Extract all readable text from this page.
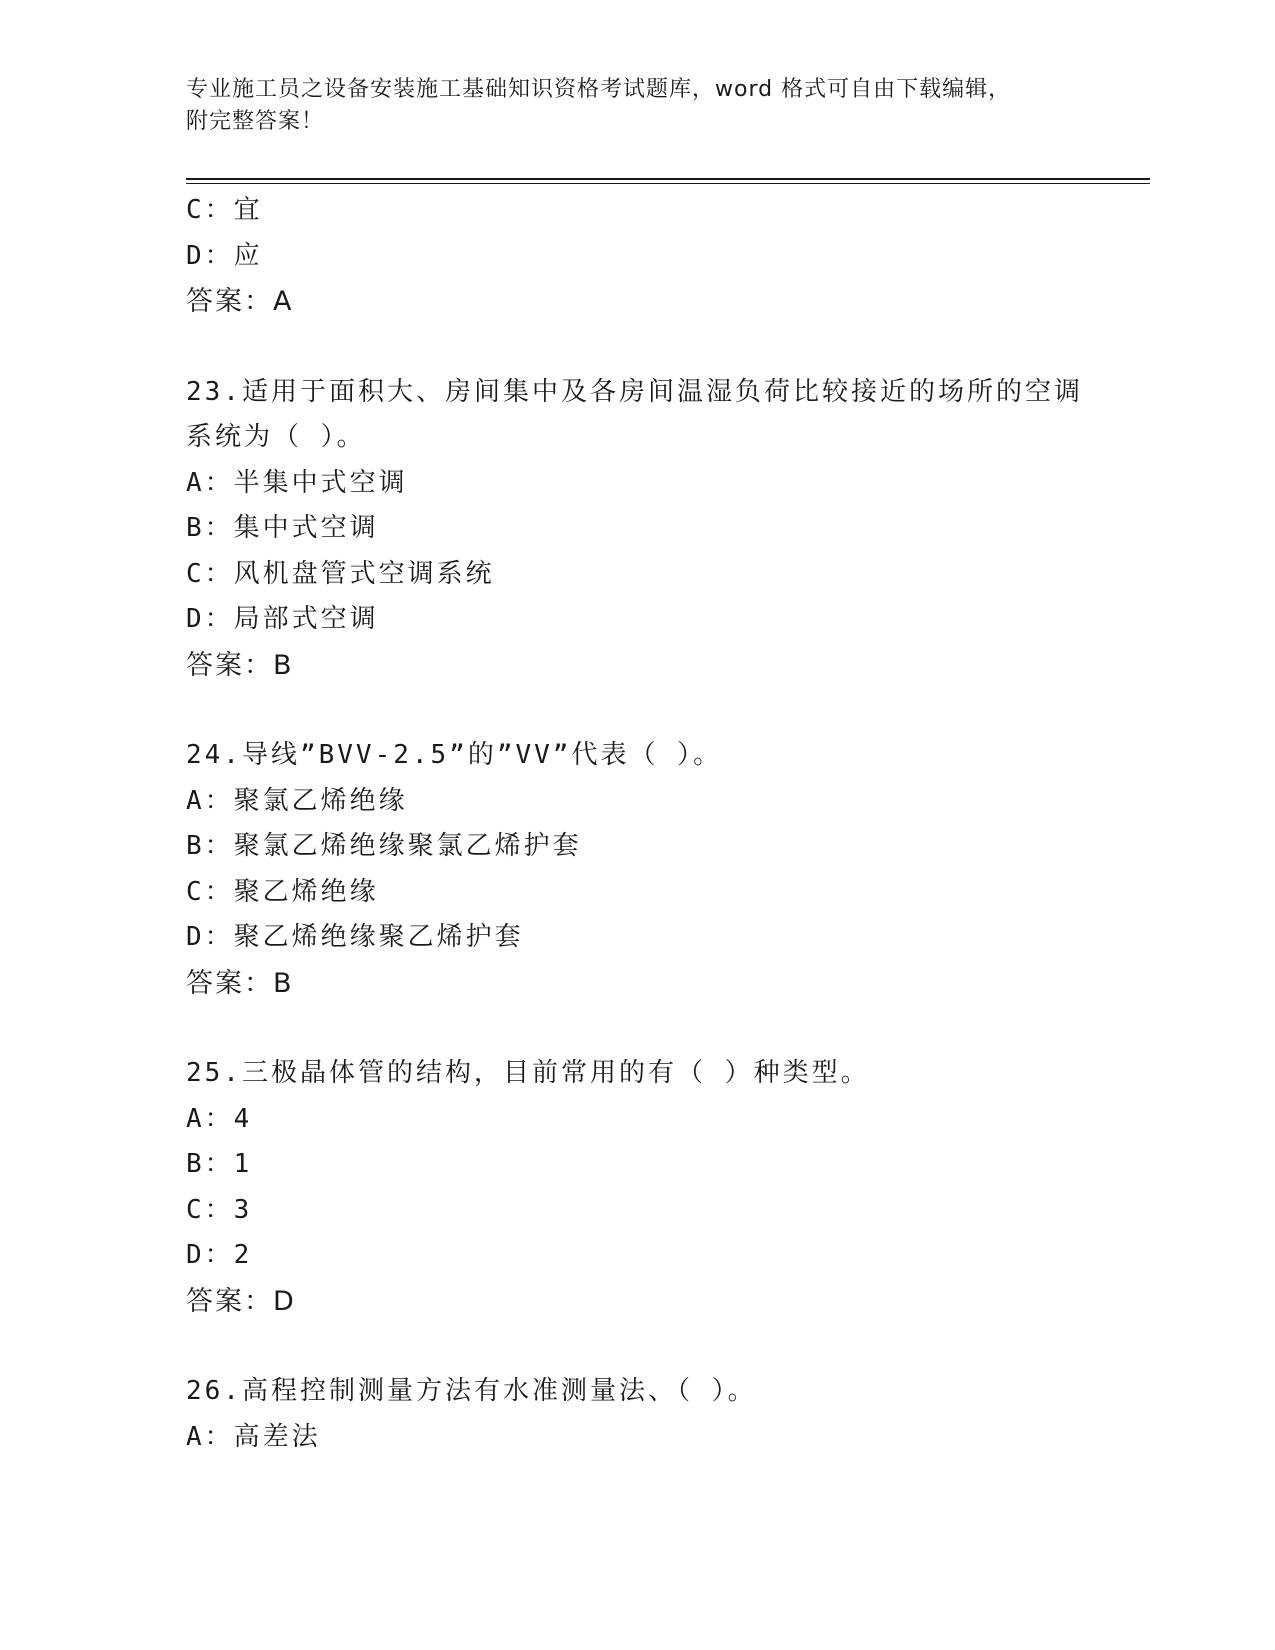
专业施工员之设备安装施工基础知识资格考试题库，word 格式可自由下载编辑，
附完整答案！
C：宜
D：应
答案：A
23.适用于面积大、房间集中及各房间温湿负荷比较接近的场所的空调
系统为（ ）。
A：半集中式空调
B：集中式空调
C：风机盘管式空调系统
D：局部式空调
答案：B
24.导线”BVV-2.5”的”VV”代表（ ）。
A：聚氯乙烯绝缘
B：聚氯乙烯绝缘聚氯乙烯护套
C：聚乙烯绝缘
D：聚乙烯绝缘聚乙烯护套
答案：B
25.三极晶体管的结构，目前常用的有（ ）种类型。
A：4
B：1
C：3
D：2
答案：D
26.高程控制测量方法有水准测量法、（ ）。
A：高差法
